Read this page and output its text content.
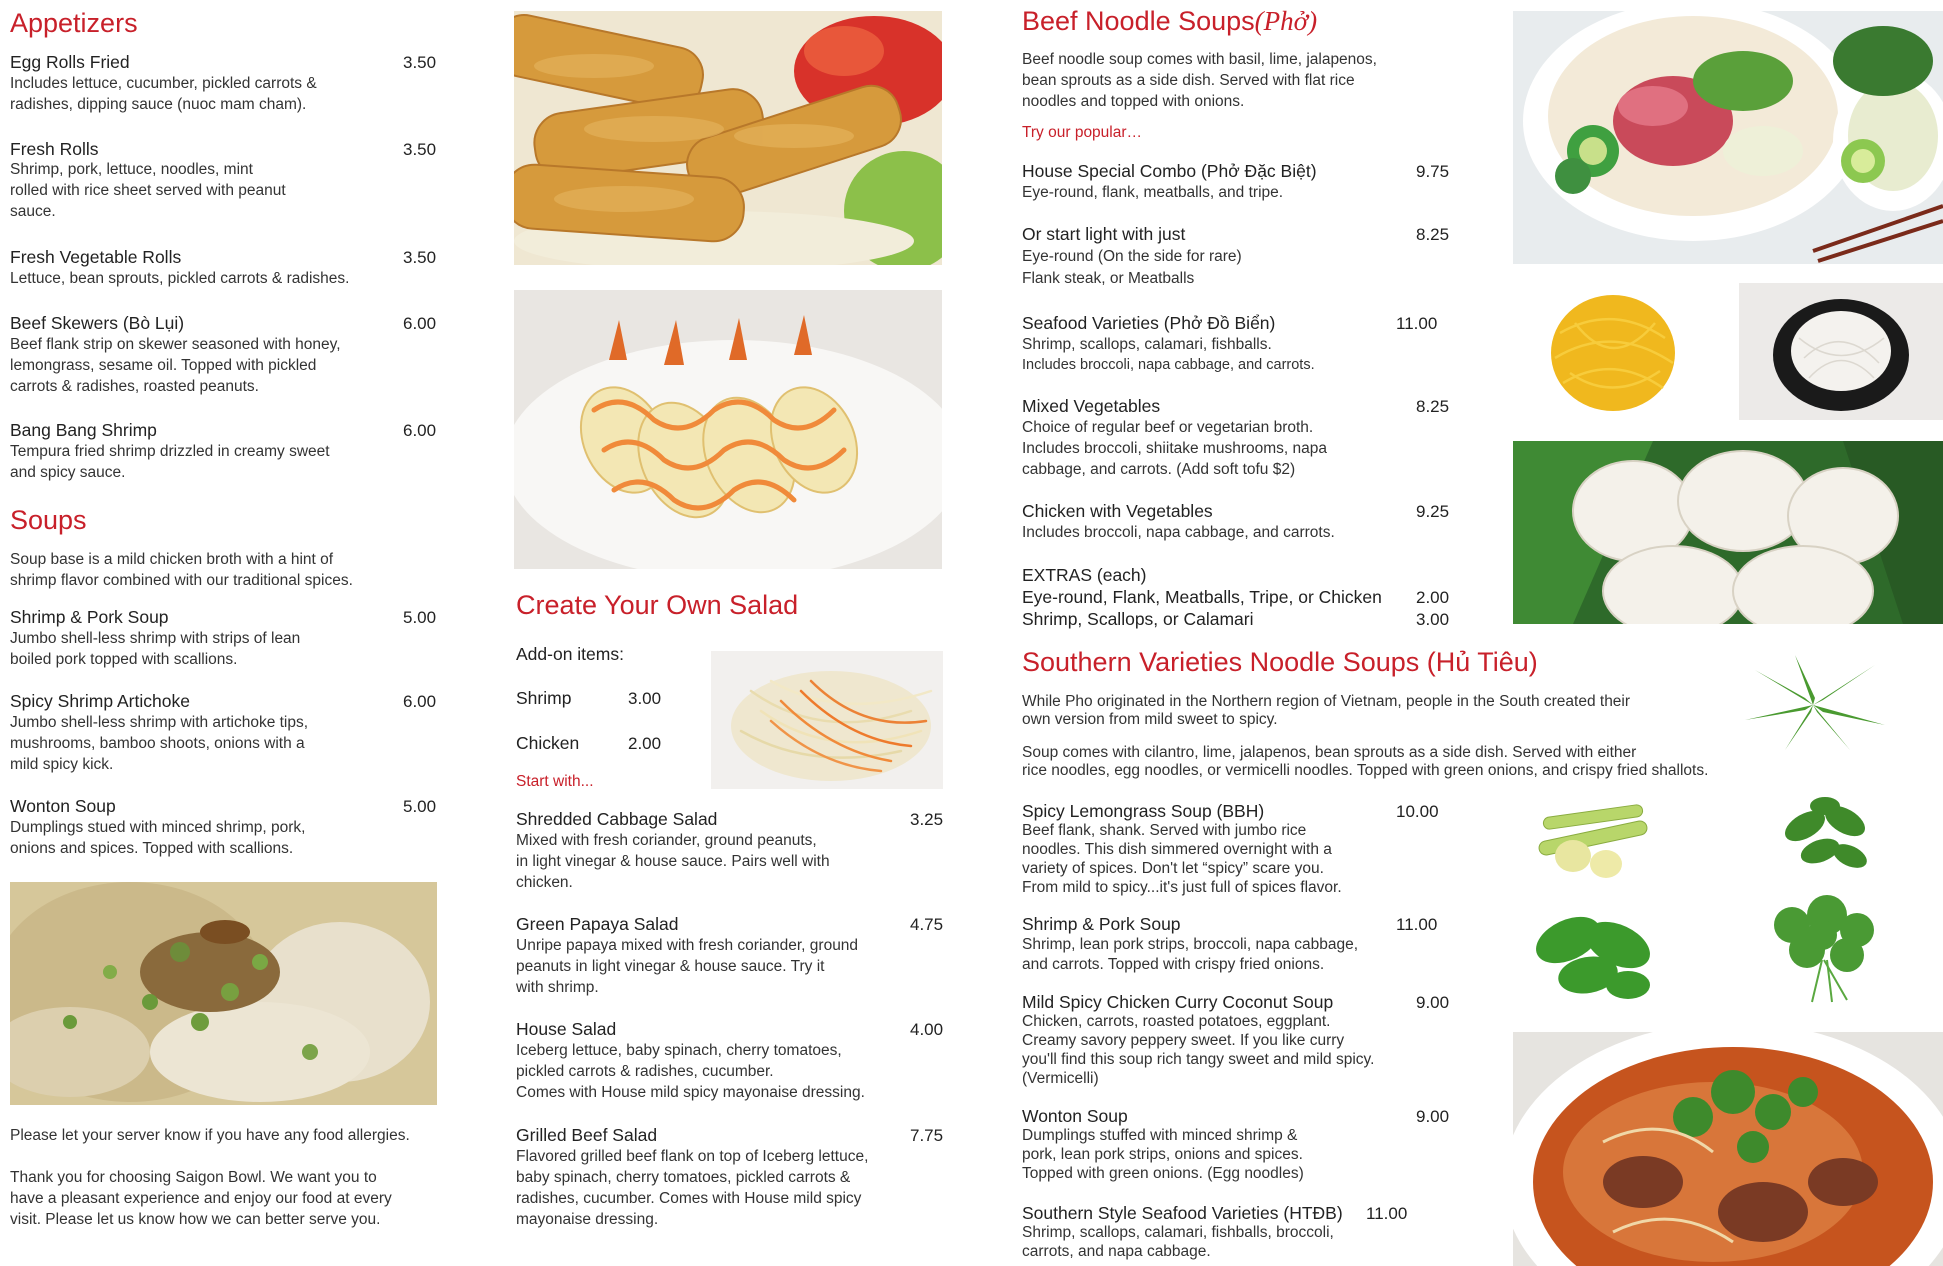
Appetizers
Egg Rolls Fried	3.50
Includes lettuce, cucumber, pickled carrots &
radishes, dipping sauce (nuoc mam cham).
Fresh Rolls	3.50
Shrimp, pork, lettuce, noodles, mint
rolled with rice sheet served with peanut
sauce.
Fresh Vegetable Rolls	3.50
Lettuce, bean sprouts, pickled carrots & radishes.
Beef Skewers (Bò Lụi)	6.00
Beef flank strip on skewer seasoned with honey,
lemongrass, sesame oil. Topped with pickled
carrots & radishes, roasted peanuts.
Bang Bang Shrimp	6.00
Tempura fried shrimp drizzled in creamy sweet
and spicy sauce.
Soups
Soup base is a mild chicken broth with a hint of
shrimp flavor combined with our traditional spices.
Shrimp & Pork Soup	5.00
Jumbo shell-less shrimp with strips of lean
boiled pork topped with scallions.
Spicy Shrimp Artichoke	6.00
Jumbo shell-less shrimp with artichoke tips,
mushrooms, bamboo shoots, onions with a
mild spicy kick.
Wonton Soup	5.00
Dumplings stued with minced shrimp, pork,
onions and spices. Topped with scallions.
Please let your server know if you have any food allergies.
Thank you for choosing Saigon Bowl. We want you to
have a pleasant experience and enjoy our food at every
visit. Please let us know how we can better serve you.
Create Your Own Salad
Add-on items:
Shrimp	3.00
Chicken	2.00
Start with...
Shredded Cabbage Salad	3.25
Mixed with fresh coriander, ground peanuts,
in light vinegar & house sauce. Pairs well with
chicken.
Green Papaya Salad	4.75
Unripe papaya mixed with fresh coriander, ground
peanuts in light vinegar & house sauce. Try it
with shrimp.
House Salad	4.00
Iceberg lettuce, baby spinach, cherry tomatoes,
pickled carrots & radishes, cucumber.
Comes with House mild spicy mayonaise dressing.
Grilled Beef Salad	7.75
Flavored grilled beef flank on top of Iceberg lettuce,
baby spinach, cherry tomatoes, pickled carrots &
radishes, cucumber. Comes with House mild spicy
mayonaise dressing.
Beef Noodle Soups(Phở)
Beef noodle soup comes with basil, lime, jalapenos,
bean sprouts as a side dish. Served with flat rice
noodles and topped with onions.
Try our popular…
House Special Combo (Phở Đặc Biệt)	9.75
Eye-round, flank, meatballs, and tripe.
Or start light with just	8.25
Eye-round (On the side for rare)
Flank steak, or Meatballs
Seafood Varieties (Phở Đồ Biển)	11.00
Shrimp, scallops, calamari, fishballs.
Includes broccoli, napa cabbage, and carrots.
Mixed Vegetables	8.25
Choice of regular beef or vegetarian broth.
Includes broccoli, shiitake mushrooms, napa
cabbage, and carrots. (Add soft tofu $2)
Chicken with Vegetables	9.25
Includes broccoli, napa cabbage, and carrots.
EXTRAS (each)
Eye-round, Flank, Meatballs, Tripe, or Chicken 2.00
Shrimp, Scallops, or Calamari	3.00
Southern Varieties Noodle Soups (Hủ Tiêu)
While Pho originated in the Northern region of Vietnam, people in the South created their
own version from mild sweet to spicy.
Soup comes with cilantro, lime, jalapenos, bean sprouts as a side dish. Served with either
rice noodles, egg noodles, or vermicelli noodles. Topped with green onions, and crispy fried shallots.
Spicy Lemongrass Soup (BBH)	10.00
Beef flank, shank. Served with jumbo rice
noodles. This dish simmered overnight with a
variety of spices. Don't let “spicy” scare you.
From mild to spicy...it's just full of spices flavor.
Shrimp & Pork Soup	11.00
Shrimp, lean pork strips, broccoli, napa cabbage,
and carrots. Topped with crispy fried onions.
Mild Spicy Chicken Curry Coconut Soup	9.00
Chicken, carrots, roasted potatoes, eggplant.
Creamy savory peppery sweet. If you like curry
you'll find this soup rich tangy sweet and mild spicy.
(Vermicelli)
Wonton Soup	9.00
Dumplings stuffed with minced shrimp &
pork, lean pork strips, onions and spices.
Topped with green onions. (Egg noodles)
Southern Style Seafood Varieties (HTĐB) 11.00
Shrimp, scallops, calamari, fishballs, broccoli,
carrots, and napa cabbage.
